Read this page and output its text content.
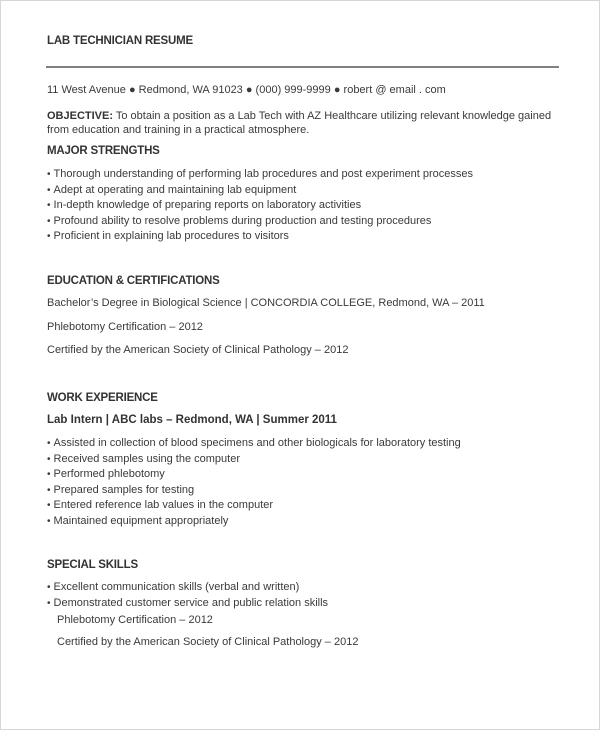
LAB TECHNICIAN RESUME
11 West Avenue ● Redmond, WA 91023 ● (000) 999-9999 ● robert @ email . com
OBJECTIVE: To obtain a position as a Lab Tech with AZ Healthcare utilizing relevant knowledge gained
from education and training in a practical atmosphere.
MAJOR STRENGTHS
• Thorough understanding of performing lab procedures and post experiment processes
• Adept at operating and maintaining lab equipment
• In-depth knowledge of preparing reports on laboratory activities
• Profound ability to resolve problems during production and testing procedures
• Proficient in explaining lab procedures to visitors
EDUCATION & CERTIFICATIONS
Bachelor’s Degree in Biological Science | CONCORDIA COLLEGE, Redmond, WA – 2011
Phlebotomy Certification – 2012
Certified by the American Society of Clinical Pathology – 2012
WORK EXPERIENCE
Lab Intern | ABC labs – Redmond, WA | Summer 2011
• Assisted in collection of blood specimens and other biologicals for laboratory testing
• Received samples using the computer
• Performed phlebotomy
• Prepared samples for testing
• Entered reference lab values in the computer
• Maintained equipment appropriately
SPECIAL SKILLS
• Excellent communication skills (verbal and written)
• Demonstrated customer service and public relation skills
Phlebotomy Certification – 2012
Certified by the American Society of Clinical Pathology – 2012
